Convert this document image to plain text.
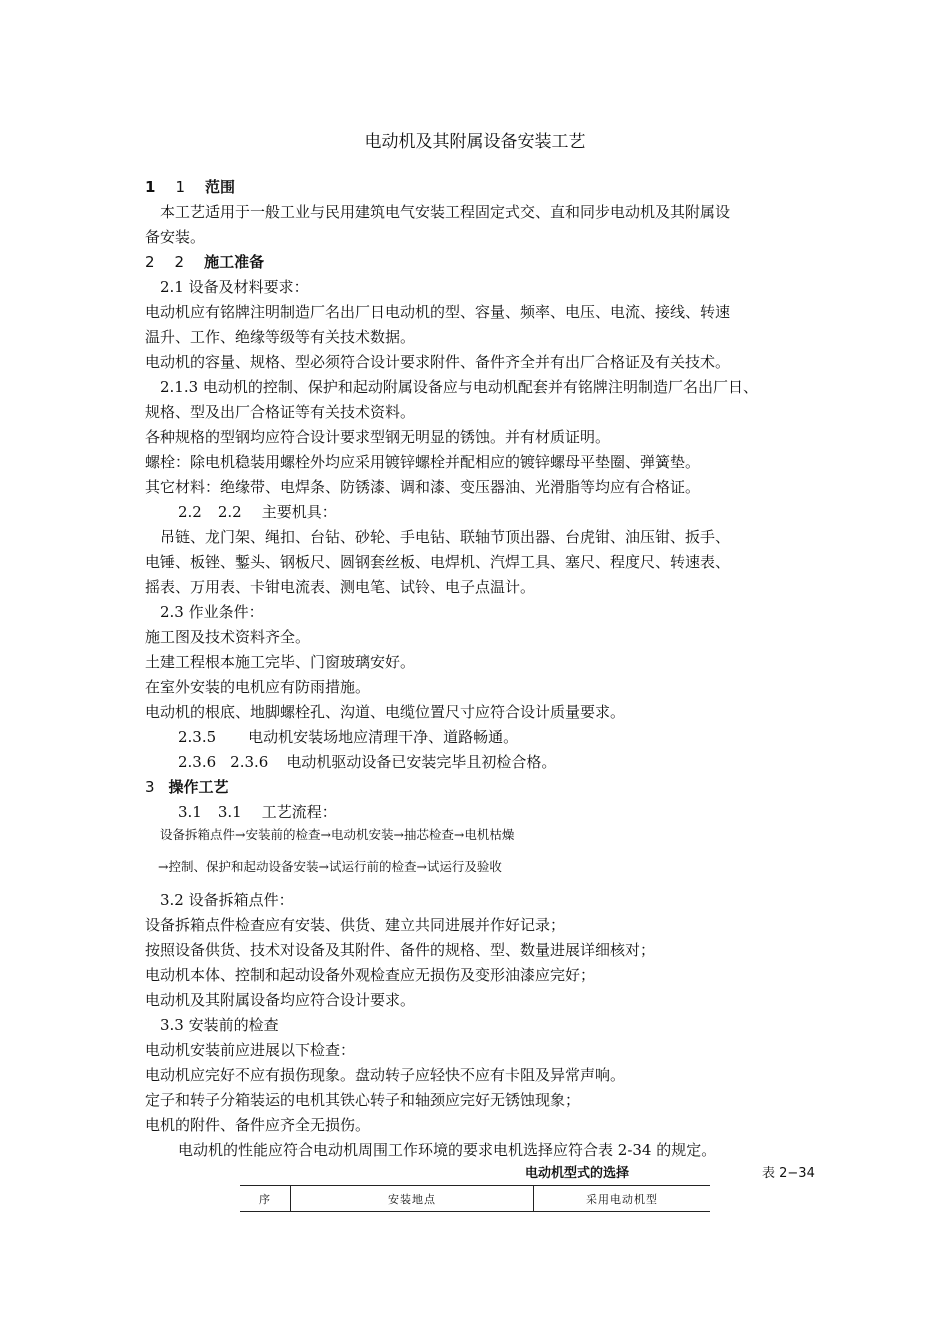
电动机及其附属设备安装工艺
1 1 范围
本工艺适用于一般工业与民用建筑电气安装工程固定式交、直和同步电动机及其附属设
备安装。
2 2 施工准备
2.1 设备及材料要求：
电动机应有铭牌注明制造厂名出厂日电动机的型、容量、频率、电压、电流、接线、转速
温升、工作、绝缘等级等有关技术数据。
电动机的容量、规格、型必须符合设计要求附件、备件齐全并有出厂合格证及有关技术。
2.1.3 电动机的控制、保护和起动附属设备应与电动机配套并有铭牌注明制造厂名出厂日、
规格、型及出厂合格证等有关技术资料。
各种规格的型钢均应符合设计要求型钢无明显的锈蚀。并有材质证明。
螺栓：除电机稳装用螺栓外均应采用镀锌螺栓并配相应的镀锌螺母平垫圈、弹簧垫。
其它材料：绝缘带、电焊条、防锈漆、调和漆、变压器油、光滑脂等均应有合格证。
2.2 2.2 主要机具：
吊链、龙门架、绳扣、台钻、砂轮、手电钻、联轴节顶出器、台虎钳、油压钳、扳手、
电锤、板锉、鏨头、钢板尺、圆钢套丝板、电焊机、汽焊工具、塞尺、程度尺、转速表、
摇表、万用表、卡钳电流表、测电笔、试铃、电子点温计。
2.3 作业条件：
施工图及技术资料齐全。
土建工程根本施工完毕、门窗玻璃安好。
在室外安装的电机应有防雨措施。
电动机的根底、地脚螺栓孔、沟道、电缆位置尺寸应符合设计质量要求。
2.3.5 电动机安装场地应清理干净、道路畅通。
2.3.6 2.3.6 电动机驱动设备已安装完毕且初检合格。
3 操作工艺
3.1 3.1 工艺流程：
设备拆箱点件→安装前的检查→电动机安装→抽芯检查→电机枯燥
→控制、保护和起动设备安装→试运行前的检查→试运行及验收
3.2 设备拆箱点件：
设备拆箱点件检查应有安装、供货、建立共同进展并作好记录；
按照设备供货、技术对设备及其附件、备件的规格、型、数量进展详细核对；
电动机本体、控制和起动设备外观检查应无损伤及变形油漆应完好；
电动机及其附属设备均应符合设计要求。
3.3 安装前的检查
电动机安装前应进展以下检查：
电动机应完好不应有损伤现象。盘动转子应轻快不应有卡阻及异常声响。
定子和转子分箱装运的电机其铁心转子和轴颈应完好无锈蚀现象；
电机的附件、备件应齐全无损伤。
电动机的性能应符合电动机周围工作环境的要求电机选择应符合表 2-34 的规定。
电动机型式的选择	表 2−34
序	安装地点	采用电动机型
